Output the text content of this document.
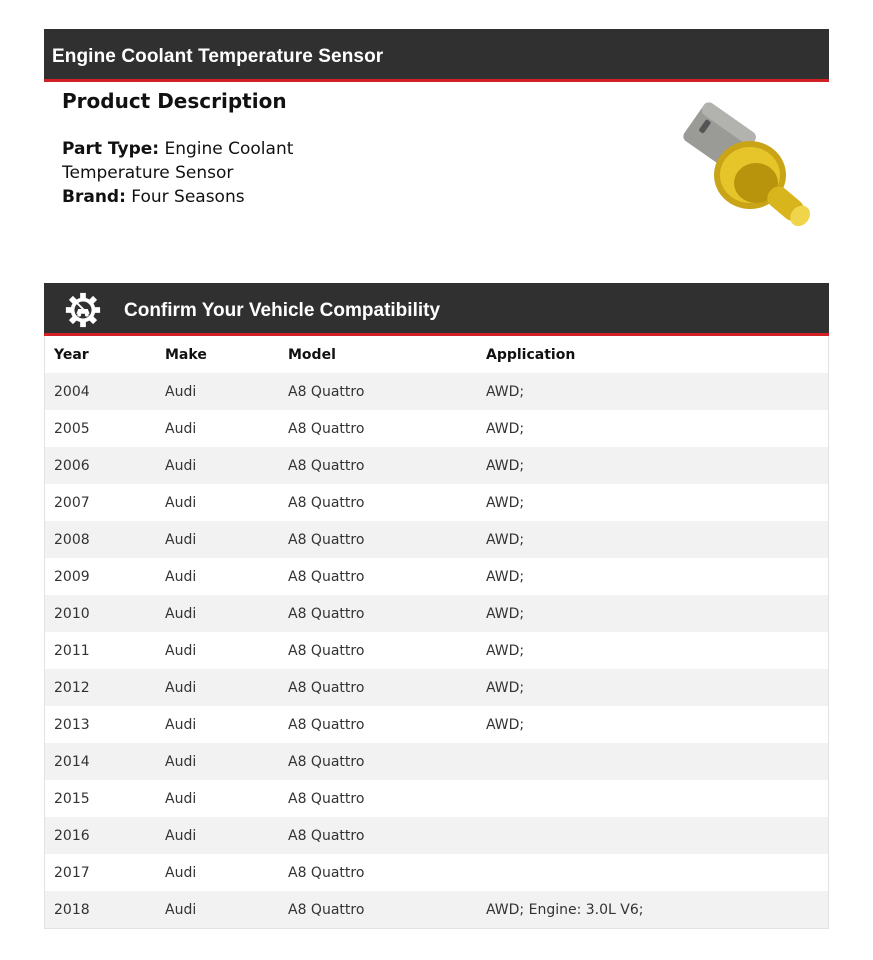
Engine Coolant Temperature Sensor
Product Description
Part Type: Engine Coolant Temperature Sensor
Brand: Four Seasons
Confirm Your Vehicle Compatibility
Year	Make	Model	Application
2004	Audi	A8 Quattro	AWD;
2005	Audi	A8 Quattro	AWD;
2006	Audi	A8 Quattro	AWD;
2007	Audi	A8 Quattro	AWD;
2008	Audi	A8 Quattro	AWD;
2009	Audi	A8 Quattro	AWD;
2010	Audi	A8 Quattro	AWD;
2011	Audi	A8 Quattro	AWD;
2012	Audi	A8 Quattro	AWD;
2013	Audi	A8 Quattro	AWD;
2014	Audi	A8 Quattro	
2015	Audi	A8 Quattro	
2016	Audi	A8 Quattro	
2017	Audi	A8 Quattro	
2018	Audi	A8 Quattro	AWD; Engine: 3.0L V6;
